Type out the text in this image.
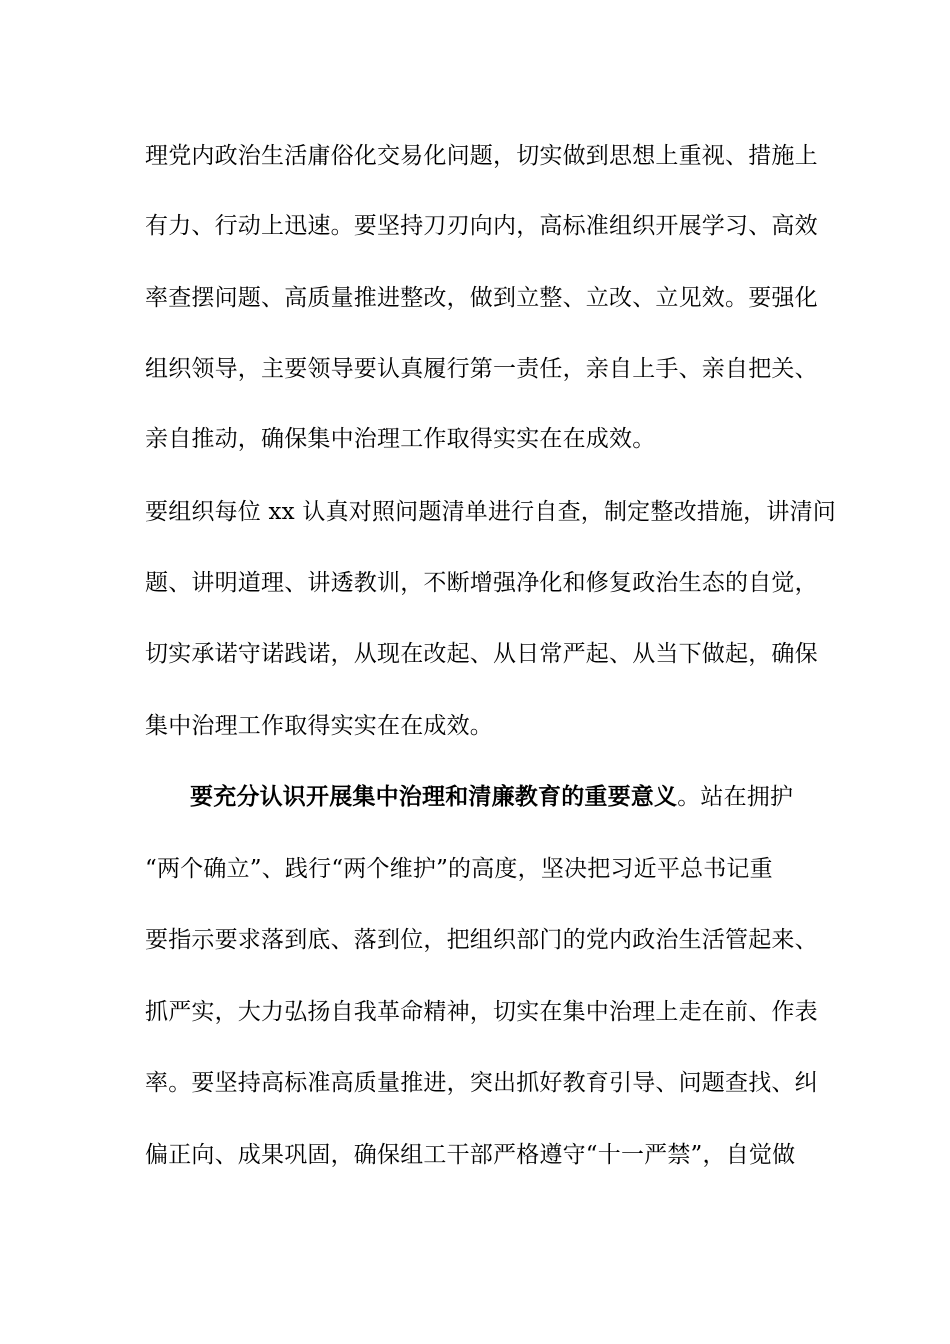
理党内政治生活庸俗化交易化问题，切实做到思想上重视、措施上
有力、行动上迅速。要坚持刀刃向内，高标准组织开展学习、高效
率查摆问题、高质量推进整改，做到立整、立改、立见效。要强化
组织领导，主要领导要认真履行第一责任，亲自上手、亲自把关、
亲自推动，确保集中治理工作取得实实在在成效。
要组织每位 xx 认真对照问题清单进行自查，制定整改措施，讲清问
题、讲明道理、讲透教训，不断增强净化和修复政治生态的自觉，
切实承诺守诺践诺，从现在改起、从日常严起、从当下做起，确保
集中治理工作取得实实在在成效。
要充分认识开展集中治理和清廉教育的重要意义。站在拥护
“两个确立”、践行“两个维护”的高度，坚决把习近平总书记重
要指示要求落到底、落到位，把组织部门的党内政治生活管起来、
抓严实，大力弘扬自我革命精神，切实在集中治理上走在前、作表
率。要坚持高标准高质量推进，突出抓好教育引导、问题查找、纠
偏正向、成果巩固，确保组工干部严格遵守“十一严禁”，自觉做
